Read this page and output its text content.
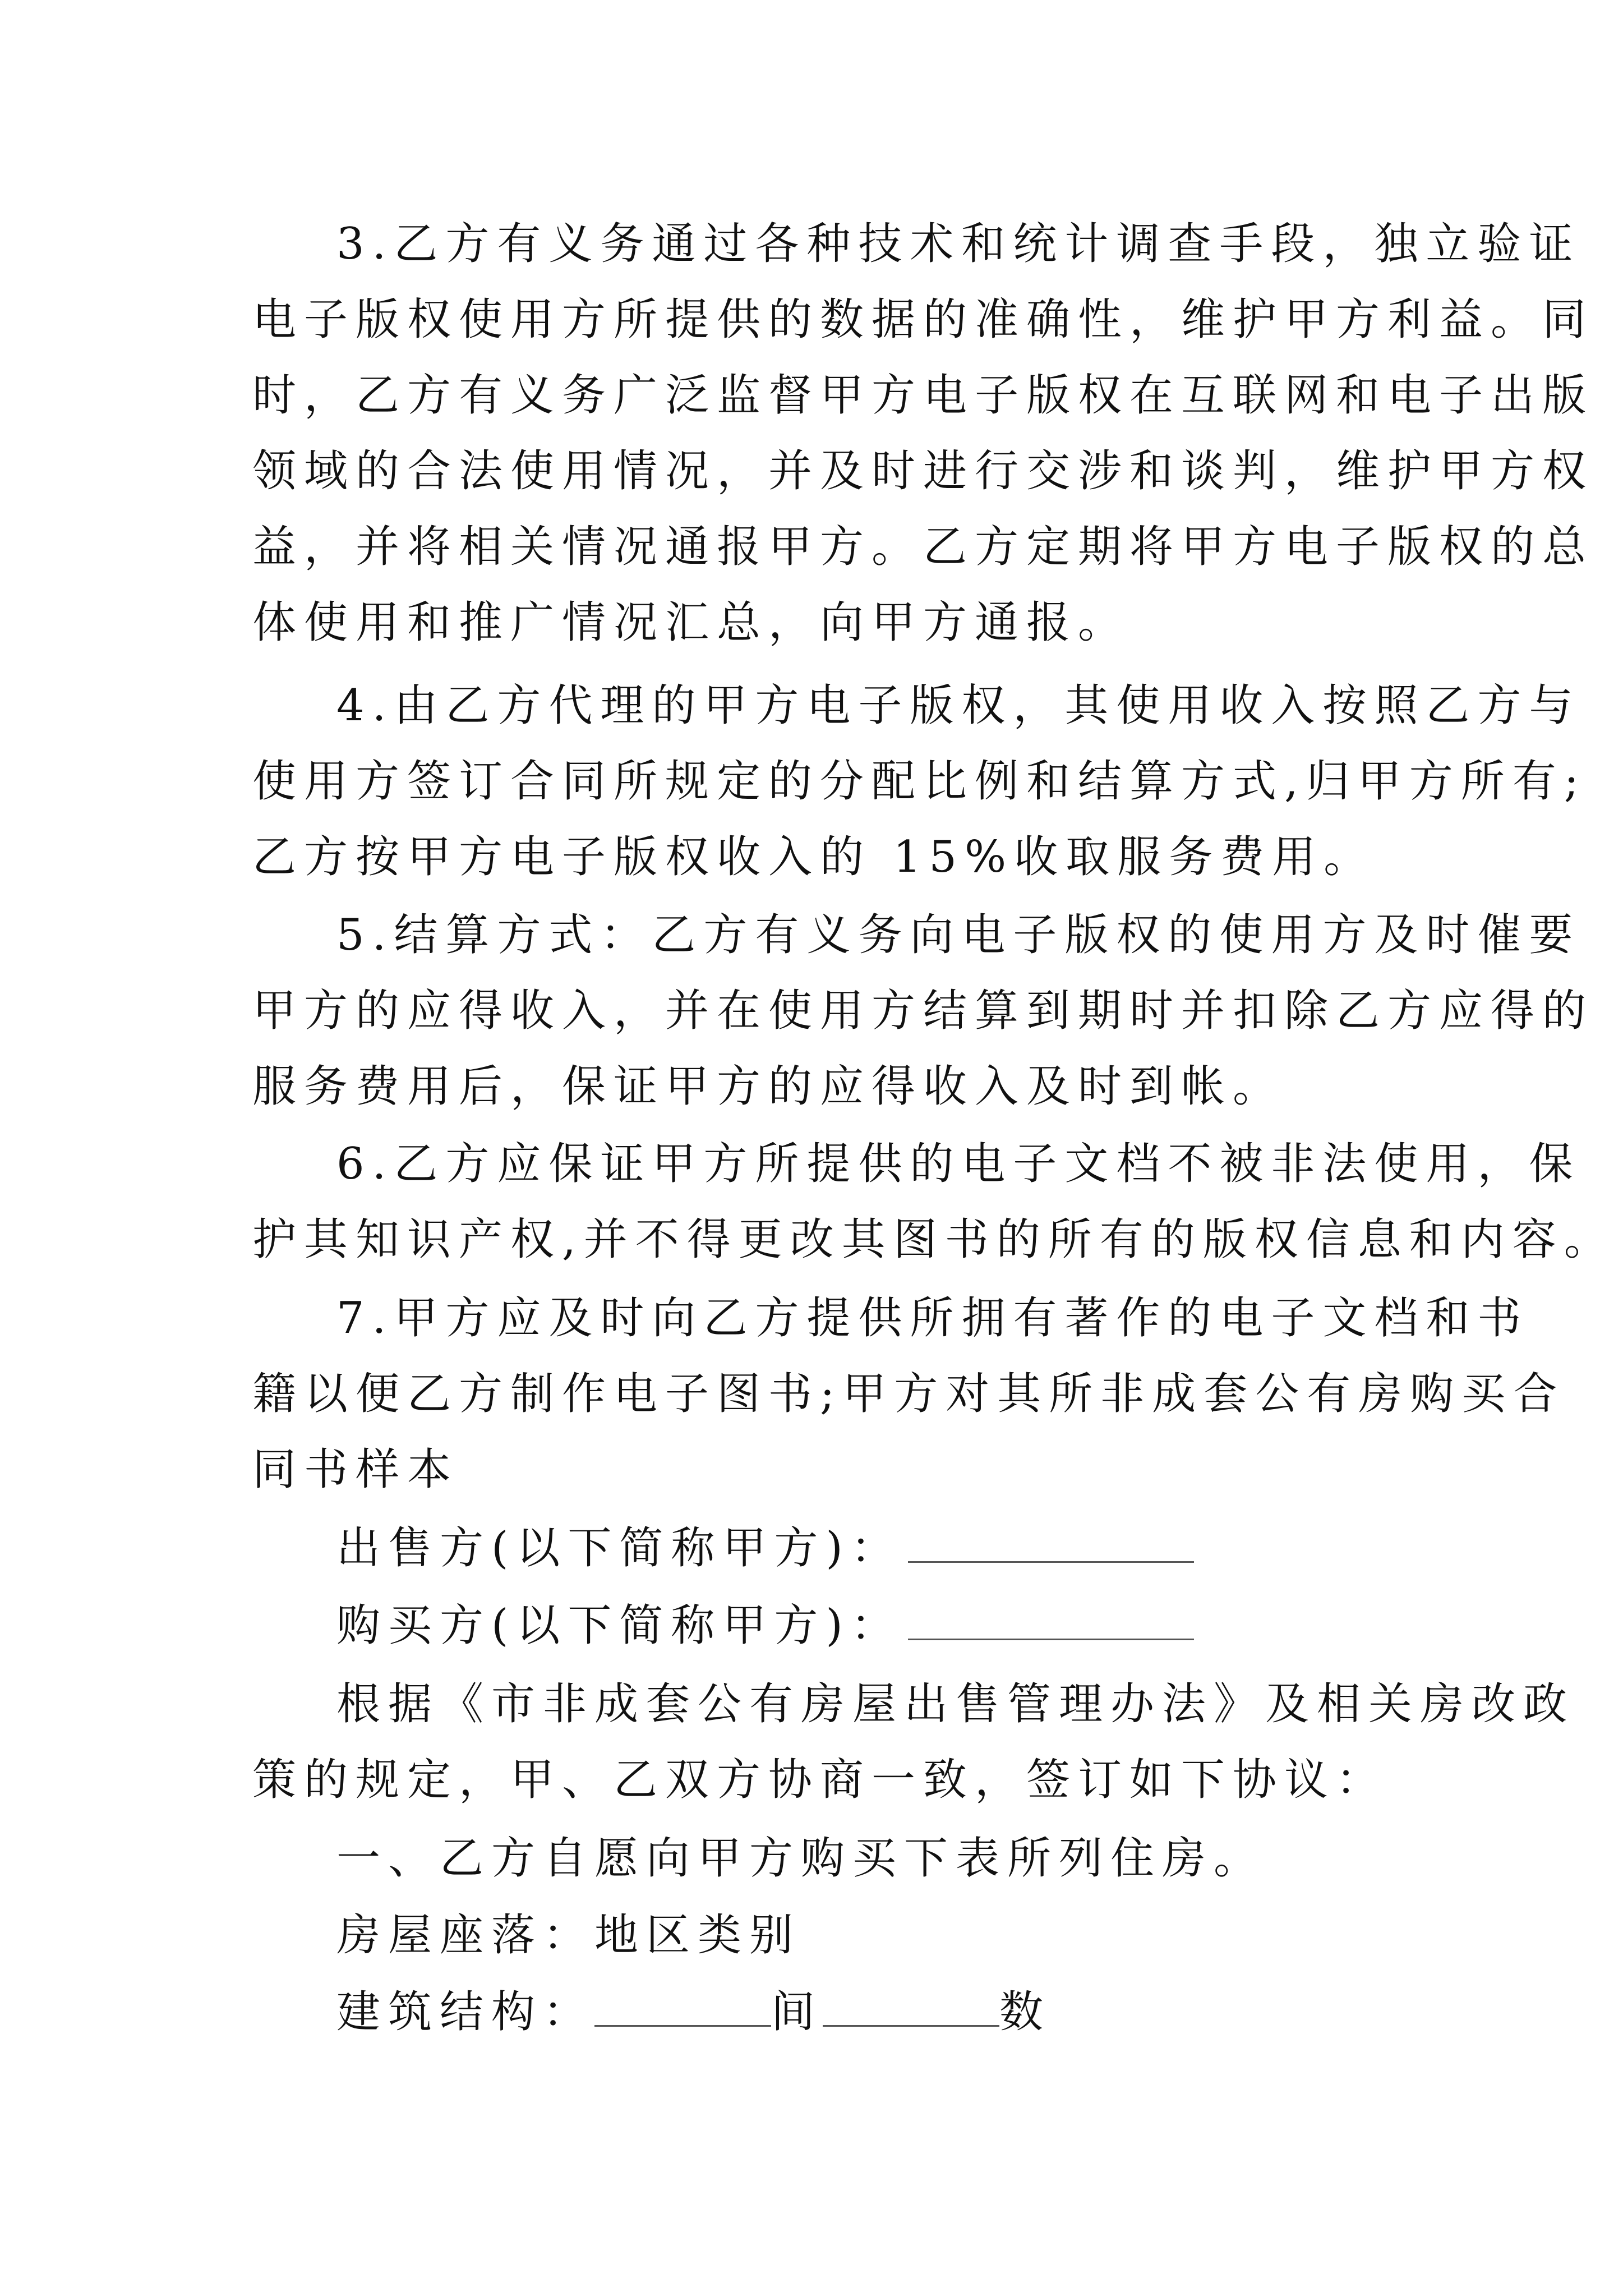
3.乙方有义务通过各种技术和统计调查手段，独立验证
电子版权使用方所提供的数据的准确性，维护甲方利益。同
时，乙方有义务广泛监督甲方电子版权在互联网和电子出版
领域的合法使用情况，并及时进行交涉和谈判，维护甲方权
益，并将相关情况通报甲方。乙方定期将甲方电子版权的总
体使用和推广情况汇总，向甲方通报。
4.由乙方代理的甲方电子版权，其使用收入按照乙方与
使用方签订合同所规定的分配比例和结算方式,归甲方所有;
乙方按甲方电子版权收入的 15%收取服务费用。
5.结算方式：乙方有义务向电子版权的使用方及时催要
甲方的应得收入，并在使用方结算到期时并扣除乙方应得的
服务费用后，保证甲方的应得收入及时到帐。
6.乙方应保证甲方所提供的电子文档不被非法使用，保
护其知识产权,并不得更改其图书的所有的版权信息和内容。
7.甲方应及时向乙方提供所拥有著作的电子文档和书
籍以便乙方制作电子图书;甲方对其所非成套公有房购买合
同书样本
出售方(以下简称甲方)：
购买方(以下简称甲方)：
根据《市非成套公有房屋出售管理办法》及相关房改政
策的规定，甲、乙双方协商一致，签订如下协议：
一、乙方自愿向甲方购买下表所列住房。
房屋座落：地区类别
建筑结构：	间	数
